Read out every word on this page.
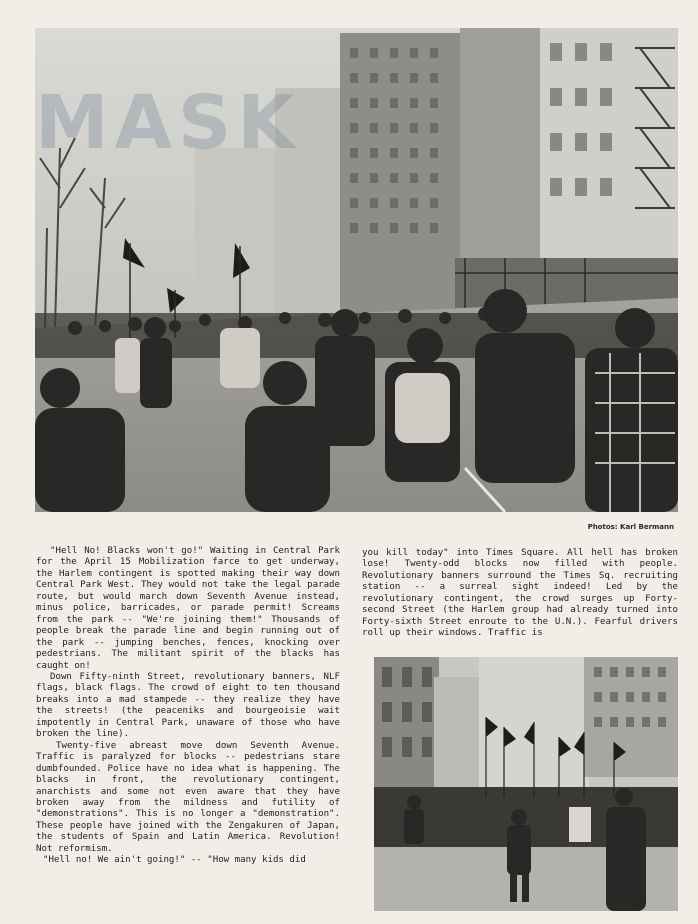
MASK
Photos: Karl Bermann

"Hell No! Blacks won't go!" Waiting in Central Park for the April 15 Mobilization farce to get underway, the Harlem contingent is spotted making their way down Central Park West. They would not take the legal parade route, but would march down Seventh Avenue instead, minus police, barricades, or parade permit! Screams from the park -- "We're joining them!" Thousands of people break the parade line and begin running out of the park -- jumping benches, fences, knocking over pedestrians. The militant spirit of the blacks has caught on!

Down Fifty-ninth Street, revolutionary banners, NLF flags, black flags. The crowd of eight to ten thousand breaks into a mad stampede -- they realize they have the streets! (the peaceniks and bourgeoisie wait impotently in Central Park, unaware of those who have broken the line).

Twenty-five abreast move down Seventh Avenue. Traffic is paralyzed for blocks -- pedestrians stare dumbfounded. Police have no idea what is happening. The blacks in front, the revolutionary contingent, anarchists and some not even aware that they have broken away from the mildness and futility of "demonstrations". This is no longer a "demonstration". These people have joined with the Zengakuren of Japan, the students of Spain and Latin America. Revolution! Not reformism.

"Hell no! We ain't going!" -- "How many kids did

you kill today" into Times Square. All hell has broken lose! Twenty-odd blocks now filled with people. Revolutionary banners surround the Times Sq. recruiting station -- a surreal sight indeed! Led by the revolutionary contingent, the crowd surges up Forty-second Street (the Harlem group had already turned into Forty-sixth Street enroute to the U.N.). Fearful drivers roll up their windows. Traffic is
